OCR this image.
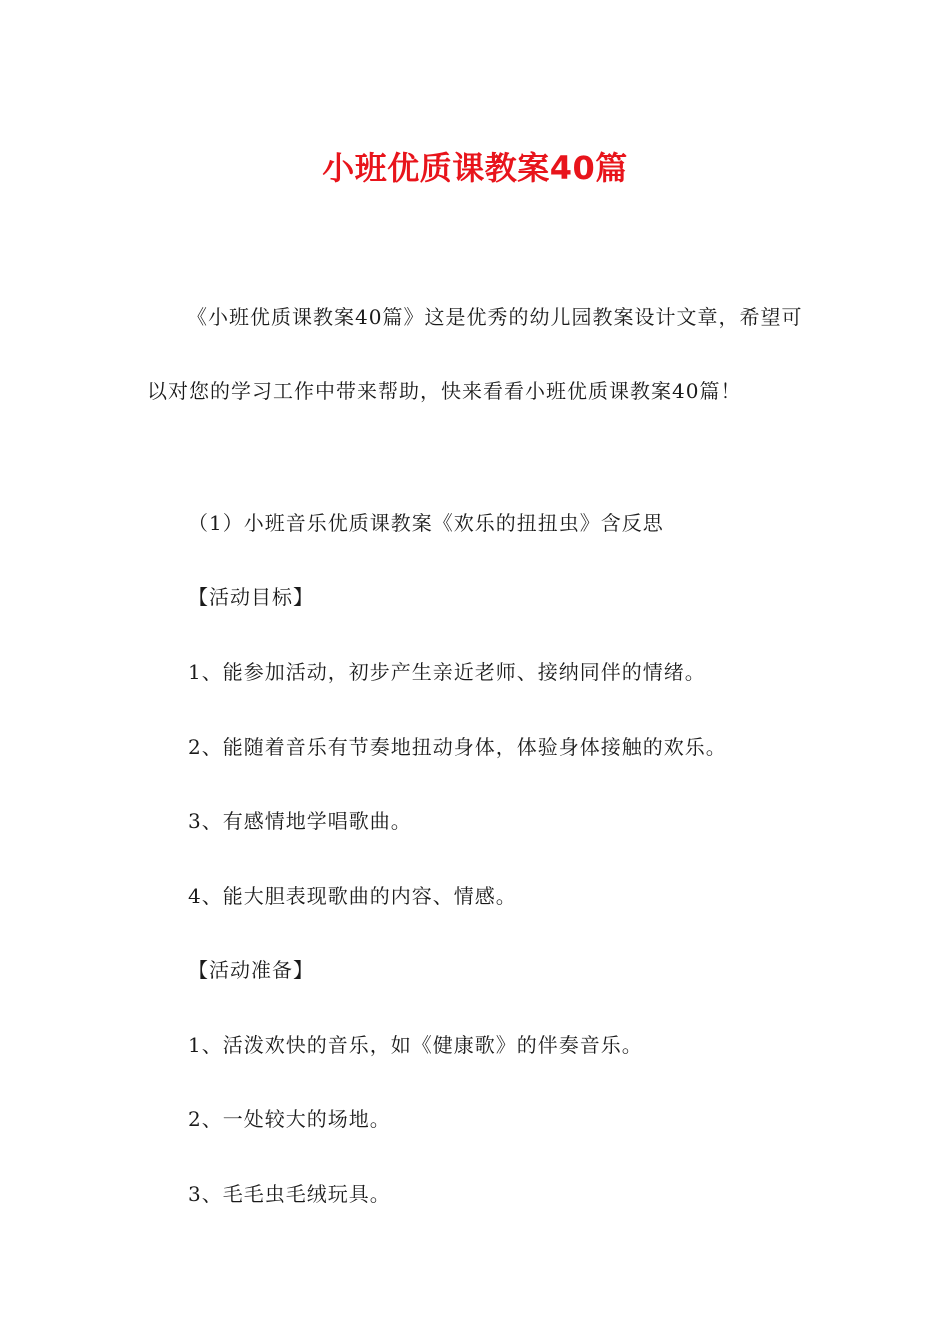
小班优质课教案40篇

《小班优质课教案40篇》这是优秀的幼儿园教案设计文章，希望可以对您的学习工作中带来帮助，快来看看小班优质课教案40篇！

（1）小班音乐优质课教案《欢乐的扭扭虫》含反思
【活动目标】
1、能参加活动，初步产生亲近老师、接纳同伴的情绪。
2、能随着音乐有节奏地扭动身体，体验身体接触的欢乐。
3、有感情地学唱歌曲。
4、能大胆表现歌曲的内容、情感。
【活动准备】
1、活泼欢快的音乐，如《健康歌》的伴奏音乐。
2、一处较大的场地。
3、毛毛虫毛绒玩具。
